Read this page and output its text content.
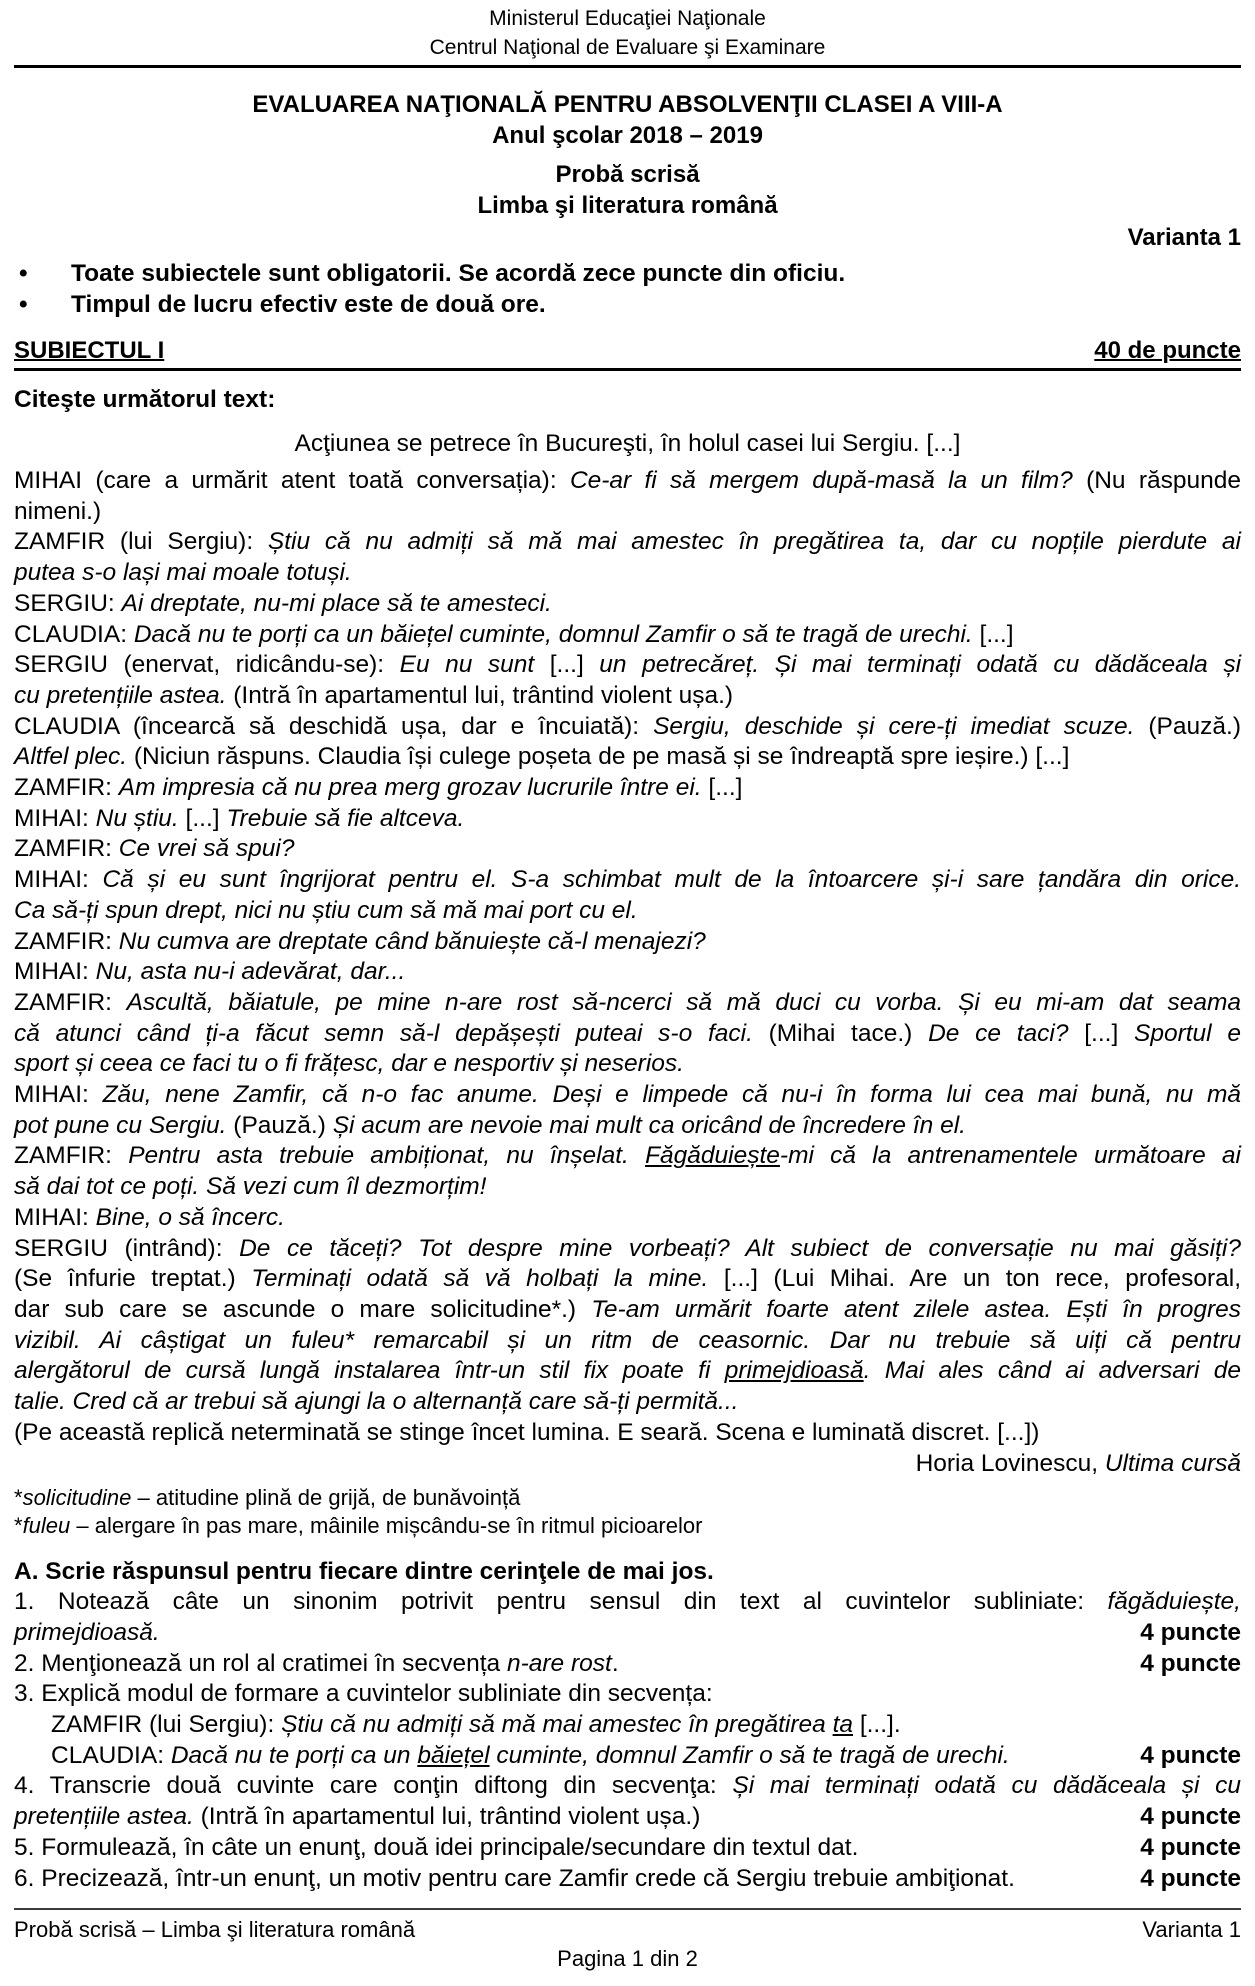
Ministerul Educaţiei Naţionale
Centrul Naţional de Evaluare şi Examinare
EVALUAREA NAŢIONALĂ PENTRU ABSOLVENŢII CLASEI A VIII-A
Anul şcolar 2018 – 2019
Probă scrisă
Limba şi literatura română
Varianta 1
• Toate subiectele sunt obligatorii. Se acordă zece puncte din oficiu.
• Timpul de lucru efectiv este de două ore.
SUBIECTUL I	40 de puncte
Citeşte următorul text:
Acţiunea se petrece în Bucureşti, în holul casei lui Sergiu. [...]
MIHAI (care a urmărit atent toată conversația): Ce-ar fi să mergem după-masă la un film? (Nu răspunde
nimeni.)
ZAMFIR (lui Sergiu): Știu că nu admiți să mă mai amestec în pregătirea ta, dar cu nopțile pierdute ai
putea s-o lași mai moale totuși.
SERGIU: Ai dreptate, nu-mi place să te amesteci.
CLAUDIA: Dacă nu te porți ca un băiețel cuminte, domnul Zamfir o să te tragă de urechi. [...]
SERGIU (enervat, ridicându-se): Eu nu sunt [...] un petrecăreț. Și mai terminați odată cu dădăceala și
cu pretențiile astea. (Intră în apartamentul lui, trântind violent ușa.)
CLAUDIA (încearcă să deschidă ușa, dar e încuiată): Sergiu, deschide și cere-ți imediat scuze. (Pauză.)
Altfel plec. (Niciun răspuns. Claudia își culege poșeta de pe masă și se îndreaptă spre ieșire.) [...]
ZAMFIR: Am impresia că nu prea merg grozav lucrurile între ei. [...]
MIHAI: Nu știu. [...] Trebuie să fie altceva.
ZAMFIR: Ce vrei să spui?
MIHAI: Că și eu sunt îngrijorat pentru el. S-a schimbat mult de la întoarcere și-i sare țandăra din orice.
Ca să-ți spun drept, nici nu știu cum să mă mai port cu el.
ZAMFIR: Nu cumva are dreptate când bănuiește că-l menajezi?
MIHAI: Nu, asta nu-i adevărat, dar...
ZAMFIR: Ascultă, băiatule, pe mine n-are rost să-ncerci să mă duci cu vorba. Și eu mi-am dat seama
că atunci când ți-a făcut semn să-l depășești puteai s-o faci. (Mihai tace.) De ce taci? [...] Sportul e
sport și ceea ce faci tu o fi frățesc, dar e nesportiv și neserios.
MIHAI: Zău, nene Zamfir, că n-o fac anume. Deși e limpede că nu-i în forma lui cea mai bună, nu mă
pot pune cu Sergiu. (Pauză.) Și acum are nevoie mai mult ca oricând de încredere în el.
ZAMFIR: Pentru asta trebuie ambiționat, nu înșelat. Făgăduiește-mi că la antrenamentele următoare ai
să dai tot ce poți. Să vezi cum îl dezmorțim!
MIHAI: Bine, o să încerc.
SERGIU (intrând): De ce tăceți? Tot despre mine vorbeați? Alt subiect de conversație nu mai găsiți?
(Se înfurie treptat.) Terminați odată să vă holbați la mine. [...] (Lui Mihai. Are un ton rece, profesoral,
dar sub care se ascunde o mare solicitudine*.) Te-am urmărit foarte atent zilele astea. Ești în progres
vizibil. Ai câștigat un fuleu* remarcabil și un ritm de ceasornic. Dar nu trebuie să uiți că pentru
alergătorul de cursă lungă instalarea într-un stil fix poate fi primejdioasă. Mai ales când ai adversari de
talie. Cred că ar trebui să ajungi la o alternanță care să-ți permită...
(Pe această replică neterminată se stinge încet lumina. E seară. Scena e luminată discret. [...])
Horia Lovinescu, Ultima cursă
*solicitudine – atitudine plină de grijă, de bunăvoință
*fuleu – alergare în pas mare, mâinile mișcându-se în ritmul picioarelor
A. Scrie răspunsul pentru fiecare dintre cerinţele de mai jos.
1. Notează câte un sinonim potrivit pentru sensul din text al cuvintelor subliniate: făgăduiește,
primejdioasă.	4 puncte
2. Menţionează un rol al cratimei în secvența n-are rost.	4 puncte
3. Explică modul de formare a cuvintelor subliniate din secvența:
ZAMFIR (lui Sergiu): Știu că nu admiți să mă mai amestec în pregătirea ta [...].
CLAUDIA: Dacă nu te porți ca un băiețel cuminte, domnul Zamfir o să te tragă de urechi.	4 puncte
4. Transcrie două cuvinte care conţin diftong din secvenţa: Și mai terminați odată cu dădăceala și cu
pretențiile astea. (Intră în apartamentul lui, trântind violent ușa.)	4 puncte
5. Formulează, în câte un enunţ, două idei principale/secundare din textul dat.	4 puncte
6. Precizează, într-un enunţ, un motiv pentru care Zamfir crede că Sergiu trebuie ambiţionat.	4 puncte
Probă scrisă – Limba şi literatura română	Varianta 1
Pagina 1 din 2
